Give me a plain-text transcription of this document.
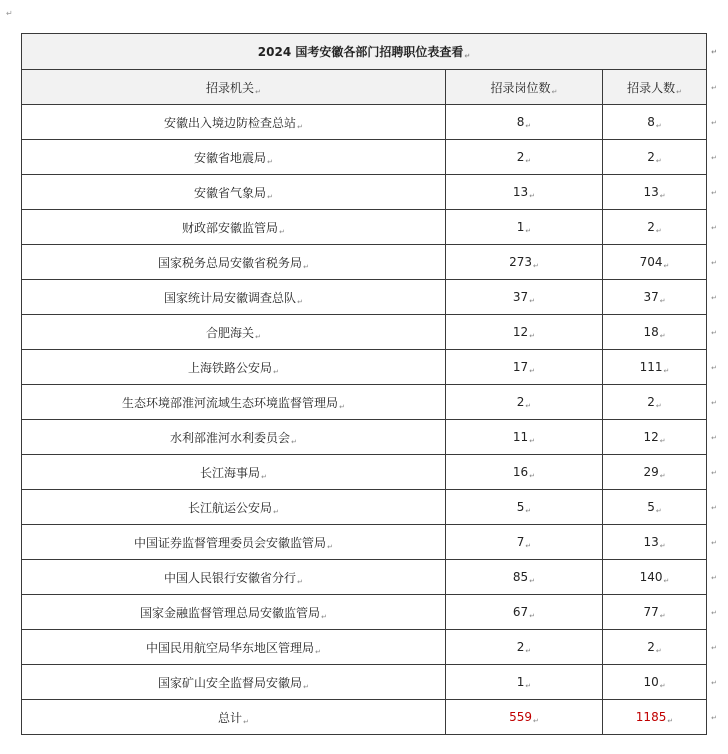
↵
2024 国考安徽各部门招聘职位表查看↵ ↵		

招录机关↵	招录岗位数↵	招录人数↵ ↵

安徽出入境边防检查总站↵	8↵	8↵ ↵

安徽省地震局↵	2↵	2↵ ↵

安徽省气象局↵	13↵	13↵ ↵

财政部安徽监管局↵	1↵	2↵ ↵

国家税务总局安徽省税务局↵	273↵	704↵ ↵

国家统计局安徽调查总队↵	37↵	37↵ ↵

合肥海关↵	12↵	18↵ ↵

上海铁路公安局↵	17↵	111↵ ↵

生态环境部淮河流域生态环境监督管理局↵	2↵	2↵ ↵

水利部淮河水利委员会↵	11↵	12↵ ↵

长江海事局↵	16↵	29↵ ↵

长江航运公安局↵	5↵	5↵ ↵

中国证券监督管理委员会安徽监管局↵	7↵	13↵ ↵

中国人民银行安徽省分行↵	85↵	140↵ ↵

国家金融监督管理总局安徽监管局↵	67↵	77↵ ↵

中国民用航空局华东地区管理局↵	2↵	2↵ ↵

国家矿山安全监督局安徽局↵	1↵	10↵ ↵

总计↵	559↵	1185↵ ↵
